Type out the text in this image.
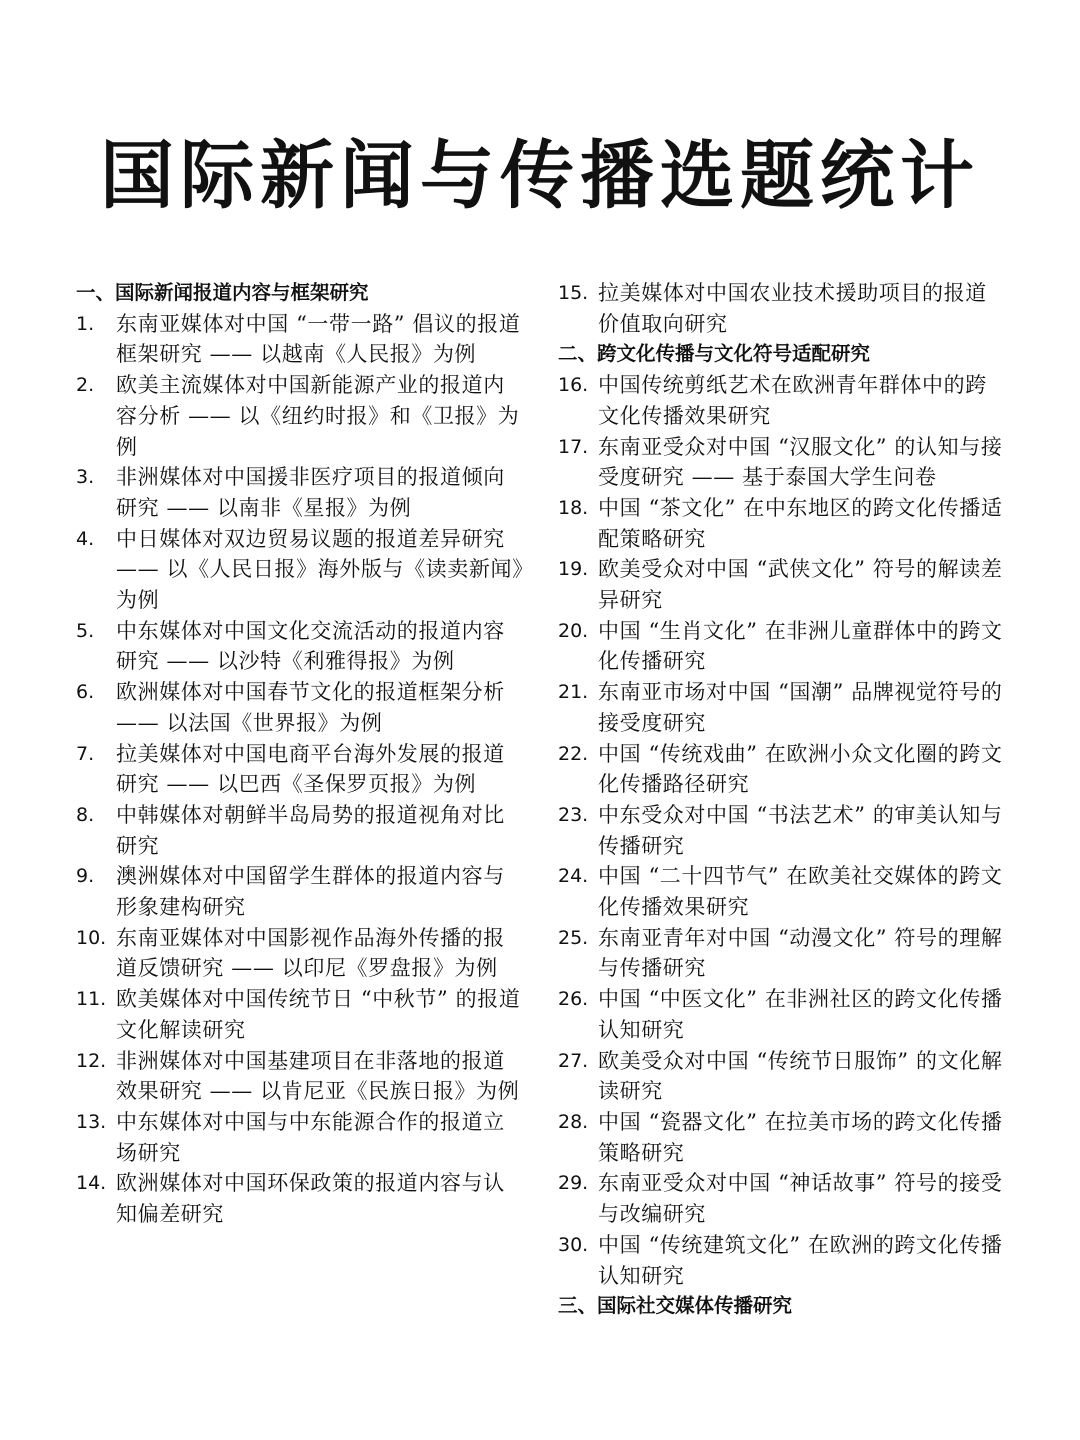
国际新闻与传播选题统计
一、国际新闻报道内容与框架研究
1. 东南亚媒体对中国 “一带一路” 倡议的报道框架研究 —— 以越南《人民报》为例
2. 欧美主流媒体对中国新能源产业的报道内容分析 —— 以《纽约时报》和《卫报》为例
3. 非洲媒体对中国援非医疗项目的报道倾向研究 —— 以南非《星报》为例
4. 中日媒体对双边贸易议题的报道差异研究 —— 以《人民日报》海外版与《读卖新闻》为例
5. 中东媒体对中国文化交流活动的报道内容研究 —— 以沙特《利雅得报》为例
6. 欧洲媒体对中国春节文化的报道框架分析 —— 以法国《世界报》为例
7. 拉美媒体对中国电商平台海外发展的报道研究 —— 以巴西《圣保罗页报》为例
8. 中韩媒体对朝鲜半岛局势的报道视角对比研究
9. 澳洲媒体对中国留学生群体的报道内容与形象建构研究
10. 东南亚媒体对中国影视作品海外传播的报道反馈研究 —— 以印尼《罗盘报》为例
11. 欧美媒体对中国传统节日 “中秋节” 的报道文化解读研究
12. 非洲媒体对中国基建项目在非落地的报道效果研究 —— 以肯尼亚《民族日报》为例
13. 中东媒体对中国与中东能源合作的报道立场研究
14. 欧洲媒体对中国环保政策的报道内容与认知偏差研究
15. 拉美媒体对中国农业技术援助项目的报道价值取向研究
二、跨文化传播与文化符号适配研究
16. 中国传统剪纸艺术在欧洲青年群体中的跨文化传播效果研究
17. 东南亚受众对中国 “汉服文化” 的认知与接受度研究 —— 基于泰国大学生问卷
18. 中国 “茶文化” 在中东地区的跨文化传播适配策略研究
19. 欧美受众对中国 “武侠文化” 符号的解读差异研究
20. 中国 “生肖文化” 在非洲儿童群体中的跨文化传播研究
21. 东南亚市场对中国 “国潮” 品牌视觉符号的接受度研究
22. 中国 “传统戏曲” 在欧洲小众文化圈的跨文化传播路径研究
23. 中东受众对中国 “书法艺术” 的审美认知与传播研究
24. 中国 “二十四节气” 在欧美社交媒体的跨文化传播效果研究
25. 东南亚青年对中国 “动漫文化” 符号的理解与传播研究
26. 中国 “中医文化” 在非洲社区的跨文化传播认知研究
27. 欧美受众对中国 “传统节日服饰” 的文化解读研究
28. 中国 “瓷器文化” 在拉美市场的跨文化传播策略研究
29. 东南亚受众对中国 “神话故事” 符号的接受与改编研究
30. 中国 “传统建筑文化” 在欧洲的跨文化传播认知研究
三、国际社交媒体传播研究
